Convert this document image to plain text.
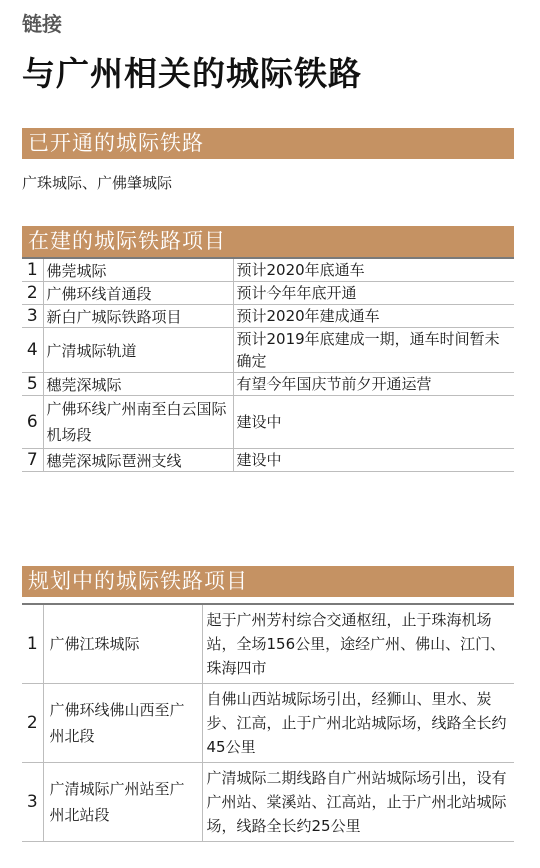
链接
与广州相关的城际铁路
已开通的城际铁路
广珠城际、广佛肇城际
在建的城际铁路项目
1	佛莞城际	预计2020年底通车
2	广佛环线首通段	预计今年年底开通
3	新白广城际铁路项目	预计2020年建成通车
4	广清城际轨道	预计2019年底建成一期，通车时间暂未确定
5	穗莞深城际	有望今年国庆节前夕开通运营
6	广佛环线广州南至白云国际机场段	建设中
7	穗莞深城际琶洲支线	建设中
规划中的城际铁路项目
1	广佛江珠城际	起于广州芳村综合交通枢纽，止于珠海机场站，全场156公里，途经广州、佛山、江门、珠海四市
2	广佛环线佛山西至广州北段	自佛山西站城际场引出，经狮山、里水、炭步、江高，止于广州北站城际场，线路全长约45公里
3	广清城际广州站至广州北站段	广清城际二期线路自广州站城际场引出，设有广州站、棠溪站、江高站，止于广州北站城际场，线路全长约25公里
